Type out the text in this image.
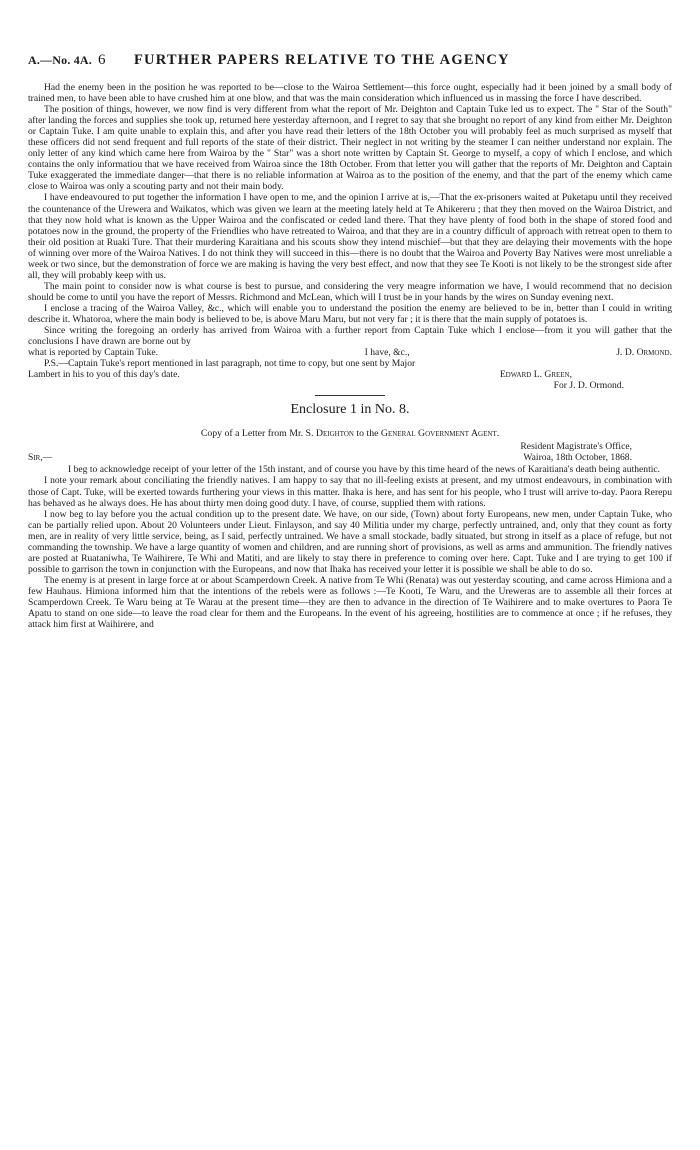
A.—No. 4A. 6	FURTHER PAPERS RELATIVE TO THE AGENCY

Had the enemy been in the position he was reported to be—close to the Wairoa Settlement—this force ought, especially had it been joined by a small body of trained men, to have been able to have crushed him at one blow, and that was the main consideration which influenced us in massing the force I have described.

The position of things, however, we now find is very different from what the report of Mr. Deighton and Captain Tuke led us to expect. The " Star of the South" after landing the forces and supplies she took up, returned here yesterday afternoon, and I regret to say that she brought no report of any kind from either Mr. Deighton or Captain Tuke. I am quite unable to explain this, and after you have read their letters of the 18th October you will probably feel as much surprised as myself that these officers did not send frequent and full reports of the state of their district. Their neglect in not writing by the steamer I can neither understand nor explain. The only letter of any kind which came here from Wairoa by the " Star" was a short note written by Captain St. George to myself, a copy of which I enclose, and which contains the only informatiou that we have received from Wairoa since the 18th October. From that letter you will gather that the reports of Mr. Deighton and Captain Tuke exaggerated the immediate danger—that there is no reliable information at Wairoa as to the position of the enemy, and that the part of the enemy which came close to Wairoa was only a scouting party and not their main body.

I have endeavoured to put together the information I have open to me, and the opinion I arrive at is,—That the ex-prisoners waited at Puketapu until they received the countenance of the Urewera and Waikatos, which was given we learn at the meeting lately held at Te Ahikereru ; that they then moved on the Wairoa District, and that they now hold what is known as the Upper Wairoa and the confiscated or ceded land there. That they have plenty of food both in the shape of stored food and potatoes now in the ground, the property of the Friendlies who have retreated to Wairoa, and that they are in a country difficult of approach with retreat open to them to their old position at Ruaki Ture. That their murdering Karaitiana and his scouts show they intend mischief—but that they are delaying their movements with the hope of winning over more of the Wairoa Natives. I do not think they will succeed in this—there is no doubt that the Wairoa and Poverty Bay Natives were most unreliable a week or two since, but the demonstration of force we are making is having the very best effect, and now that they see Te Kooti is not likely to be the strongest side after all, they will probably keep with us.

The main point to consider now is what course is best to pursue, and considering the very meagre information we have, I would recommend that no decision should be come to until you have the report of Messrs. Richmond and McLean, which will I trust be in your hands by the wires on Sunday evening next.

I enclose a tracing of the Wairoa Valley, &c., which will enable you to understand the position the enemy are believed to be in, better than I could in writing describe it. Whatoroa, where the main body is believed to be, is above Maru Maru, but not very far ; it is there that the main supply of potatoes is.

Since writing the foregoing an orderly has arrived from Wairoa with a further report from Captain Tuke which I enclose—from it you will gather that the conclusions I have drawn are borne out by

what is reported by Captain Tuke.	I have, &c.,	J. D. Ormond.

P.S.—Captain Tuke's report mentioned in last paragraph, not time to copy, but one sent by Major

Lambert in his to you of this day's date.	Edward L. Green,
For J. D. Ormond.
Enclosure 1 in No. 8.
Copy of a Letter from Mr. S. Deighton to the General Government Agent.
Resident Magistrate's Office,
Sir,—	Wairoa, 18th October, 1868.

I beg to acknowledge receipt of your letter of the 15th instant, and of course you have by this time heard of the news of Karaitiana's death being authentic.

I note your remark about conciliating the friendly natives. I am happy to say that no ill-feeling exists at present, and my utmost endeavours, in combination with those of Capt. Tuke, will be exerted towards furthering your views in this matter. Ihaka is here, and has sent for his people, who I trust will arrive to-day. Paora Rerepu has behaved as he always does. He has about thirty men doing good duty. I have, of course, supplied them with rations.

I now beg to lay before you the actual condition up to the present date. We have, on our side, (Town) about forty Europeans, new men, under Captain Tuke, who can be partially relied upon. About 20 Volunteers under Lieut. Finlayson, and say 40 Militia under my charge, perfectly untrained, and, only that they count as forty men, are in reality of very little service, being, as I said, perfectly untrained. We have a small stockade, badly situated, but strong in itself as a place of refuge, but not commanding the township. We have a large quantity of women and children, and are running short of provisions, as well as arms and ammunition. The friendly natives are posted at Ruataniwha, Te Waihirere, Te Whi and Matiti, and are likely to stay there in preference to coming over here. Capt. Tuke and I are trying to get 100 if possible to garrison the town in conjunction with the Europeans, and now that Ihaka has received your letter it is possible we shall be able to do so.

The enemy is at present in large force at or about Scamperdown Creek. A native from Te Whi (Renata) was out yesterday scouting, and came across Himiona and a few Hauhaus. Himiona informed him that the intentions of the rebels were as follows :—Te Kooti, Te Waru, and the Ureweras are to assemble all their forces at Scamperdown Creek. Te Waru being at Te Warau at the present time—they are then to advance in the direction of Te Waihirere and to make overtures to Paora Te Apatu to stand on one side—to leave the road clear for them and the Europeans. In the event of his agreeing, hostilities are to commence at once ; if he refuses, they attack him first at Waihirere, and
